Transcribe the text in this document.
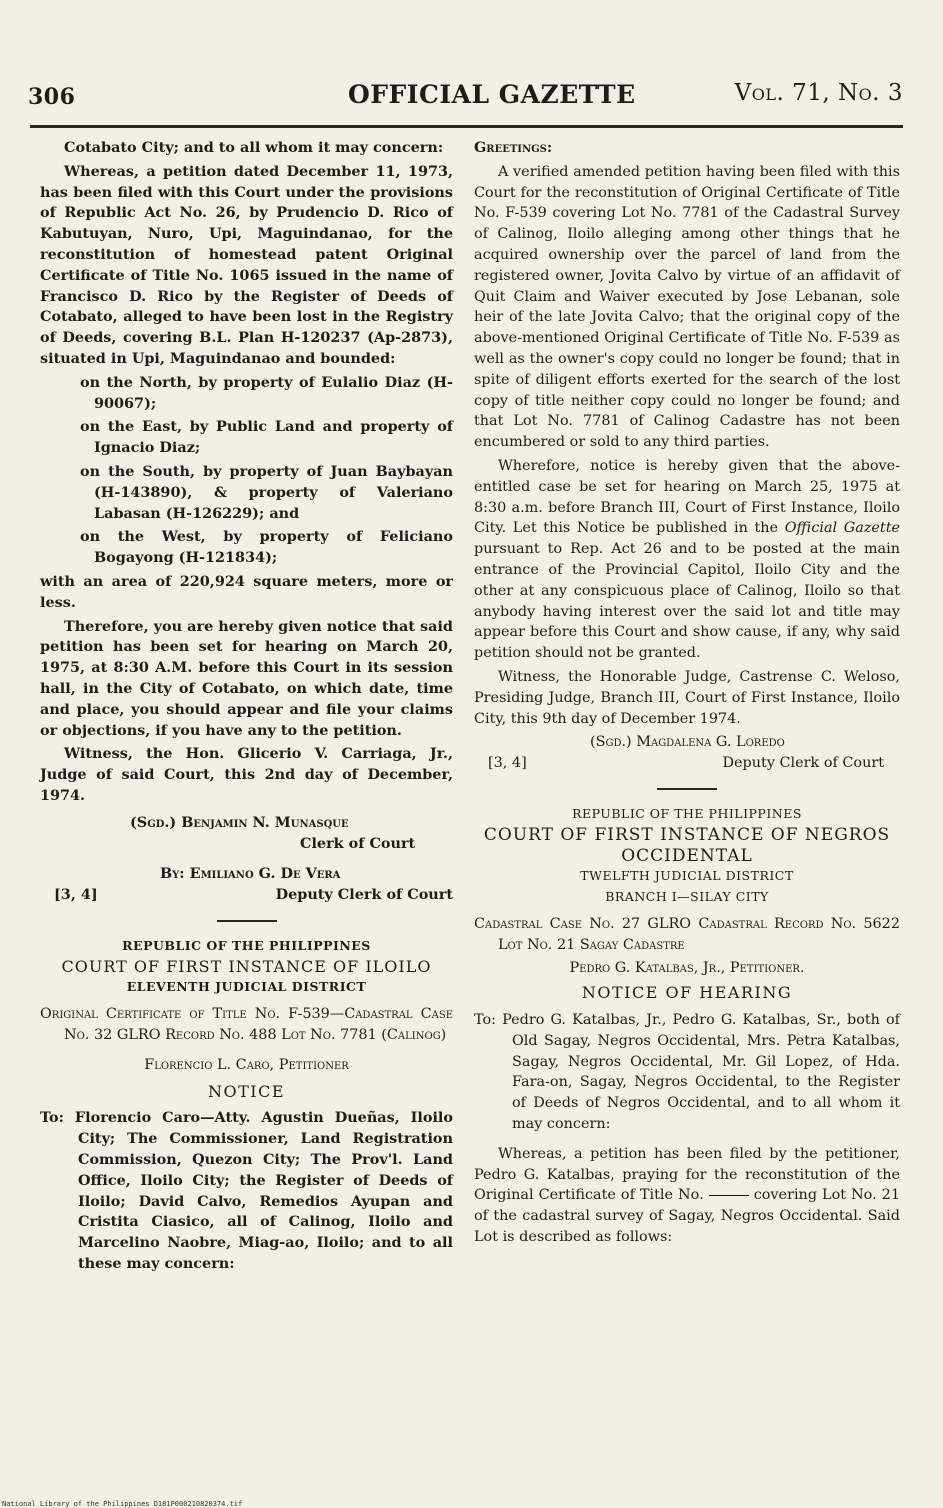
306	OFFICIAL GAZETTE	Vol. 71, No. 3

Cotabato City; and to all whom it may concern:

Whereas, a petition dated December 11, 1973, has been filed with this Court under the provisions of Republic Act No. 26, by Prudencio D. Rico of Kabutuyan, Nuro, Upi, Maguindanao, for the reconstitution of homestead patent Original Certificate of Title No. 1065 issued in the name of Francisco D. Rico by the Register of Deeds of Cotabato, alleged to have been lost in the Registry of Deeds, covering B.L. Plan H-120237 (Ap-2873), situated in Upi, Maguindanao and bounded:

on the North, by property of Eulalio Diaz (H-90067);

on the East, by Public Land and property of Ignacio Diaz;

on the South, by property of Juan Baybayan (H-143890), & property of Valeriano Labasan (H-126229); and

on the West, by property of Feliciano Bogayong (H-121834);

with an area of 220,924 square meters, more or less.

Therefore, you are hereby given notice that said petition has been set for hearing on March 20, 1975, at 8:30 A.M. before this Court in its session hall, in the City of Cotabato, on which date, time and place, you should appear and file your claims or objections, if you have any to the petition.

Witness, the Hon. Glicerio V. Carriaga, Jr., Judge of said Court, this 2nd day of December, 1974.

(Sgd.) Benjamin N. Munasque
Clerk of Court
By: Emiliano G. De Vera
[3, 4]	Deputy Clerk of Court
REPUBLIC OF THE PHILIPPINES
COURT OF FIRST INSTANCE OF ILOILO
ELEVENTH JUDICIAL DISTRICT

Original Certificate of Title No. F-539—Cadastral Case No. 32 GLRO Record No. 488 Lot No. 7781 (Calinog)

Florencio L. Caro, Petitioner
NOTICE

To: Florencio Caro—Atty. Agustin Dueñas, Iloilo City; The Commissioner, Land Registration Commission, Quezon City; The Prov'l. Land Office, Iloilo City; the Register of Deeds of Iloilo; David Calvo, Remedios Ayupan and Cristita Ciasico, all of Calinog, Iloilo and Marcelino Naobre, Miag-ao, Iloilo; and to all these may concern:

Greetings:

A verified amended petition having been filed with this Court for the reconstitution of Original Certificate of Title No. F-539 covering Lot No. 7781 of the Cadastral Survey of Calinog, Iloilo alleging among other things that he acquired ownership over the parcel of land from the registered owner, Jovita Calvo by virtue of an affidavit of Quit Claim and Waiver executed by Jose Lebanan, sole heir of the late Jovita Calvo; that the original copy of the above-mentioned Original Certificate of Title No. F-539 as well as the owner's copy could no longer be found; that in spite of diligent efforts exerted for the search of the lost copy of title neither copy could no longer be found; and that Lot No. 7781 of Calinog Cadastre has not been encumbered or sold to any third parties.

Wherefore, notice is hereby given that the above-entitled case be set for hearing on March 25, 1975 at 8:30 a.m. before Branch III, Court of First Instance, Iloilo City. Let this Notice be published in the Official Gazette pursuant to Rep. Act 26 and to be posted at the main entrance of the Provincial Capitol, Iloilo City and the other at any conspicuous place of Calinog, Iloilo so that anybody having interest over the said lot and title may appear before this Court and show cause, if any, why said petition should not be granted.

Witness, the Honorable Judge, Castrense C. Weloso, Presiding Judge, Branch III, Court of First Instance, Iloilo City, this 9th day of December 1974.

(Sgd.) Magdalena G. Loredo
[3, 4]	Deputy Clerk of Court
REPUBLIC OF THE PHILIPPINES
COURT OF FIRST INSTANCE OF NEGROS OCCIDENTAL
TWELFTH JUDICIAL DISTRICT
BRANCH I—SILAY CITY

Cadastral Case No. 27 GLRO Cadastral Record No. 5622 Lot No. 21 Sagay Cadastre

Pedro G. Katalbas, Jr., Petitioner.
NOTICE OF HEARING

To: Pedro G. Katalbas, Jr., Pedro G. Katalbas, Sr., both of Old Sagay, Negros Occidental, Mrs. Petra Katalbas, Sagay, Negros Occidental, Mr. Gil Lopez, of Hda. Fara-on, Sagay, Negros Occidental, to the Register of Deeds of Negros Occidental, and to all whom it may concern:

Whereas, a petition has been filed by the petitioner, Pedro G. Katalbas, praying for the reconstitution of the Original Certificate of Title No.	covering Lot No. 21 of the cadastral survey of Sagay, Negros Occidental. Said Lot is described as follows:

National Library of the Philippines D181P000210820374.tif
